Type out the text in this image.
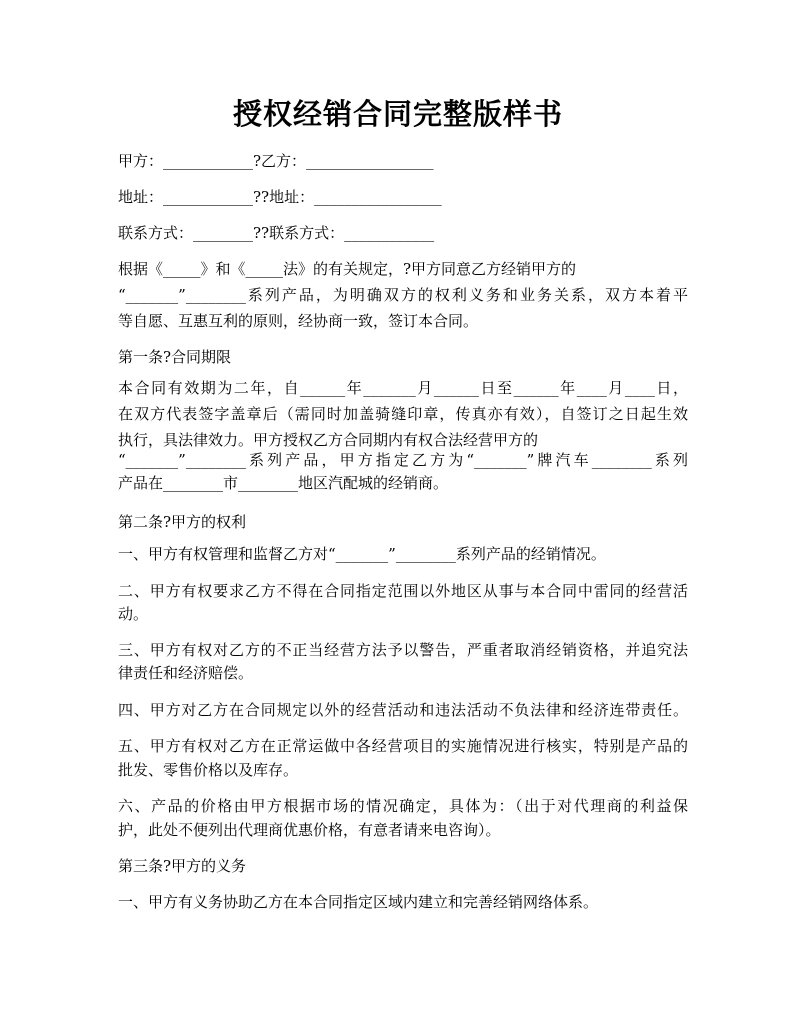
授权经销合同完整版样书

甲方：____________?乙方：_________________

地址：____________??地址：_________________

联系方式：________??联系方式：____________

根据《_____》和《_____法》的有关规定，?甲方同意乙方经销甲方的

“_______”________系列产品，为明确双方的权利义务和业务关系，双方本着平

等自愿、互惠互利的原则，经协商一致，签订本合同。

第一条?合同期限

本合同有效期为二年，自______年_______月______日至______年____月____日，

在双方代表签字盖章后（需同时加盖骑缝印章，传真亦有效），自签订之日起生效

执行，具法律效力。甲方授权乙方合同期内有权合法经营甲方的

“_______”________系列产品，甲方指定乙方为“_______”牌汽车________系列

产品在________市________地区汽配城的经销商。

第二条?甲方的权利

一、甲方有权管理和监督乙方对“_______”________系列产品的经销情况。

二、甲方有权要求乙方不得在合同指定范围以外地区从事与本合同中雷同的经营活

动。

三、甲方有权对乙方的不正当经营方法予以警告，严重者取消经销资格，并追究法

律责任和经济赔偿。

四、甲方对乙方在合同规定以外的经营活动和违法活动不负法律和经济连带责任。

五、甲方有权对乙方在正常运做中各经营项目的实施情况进行核实，特别是产品的

批发、零售价格以及库存。

六、产品的价格由甲方根据市场的情况确定，具体为：（出于对代理商的利益保

护，此处不便列出代理商优惠价格，有意者请来电咨询）。

第三条?甲方的义务

一、甲方有义务协助乙方在本合同指定区域内建立和完善经销网络体系。
